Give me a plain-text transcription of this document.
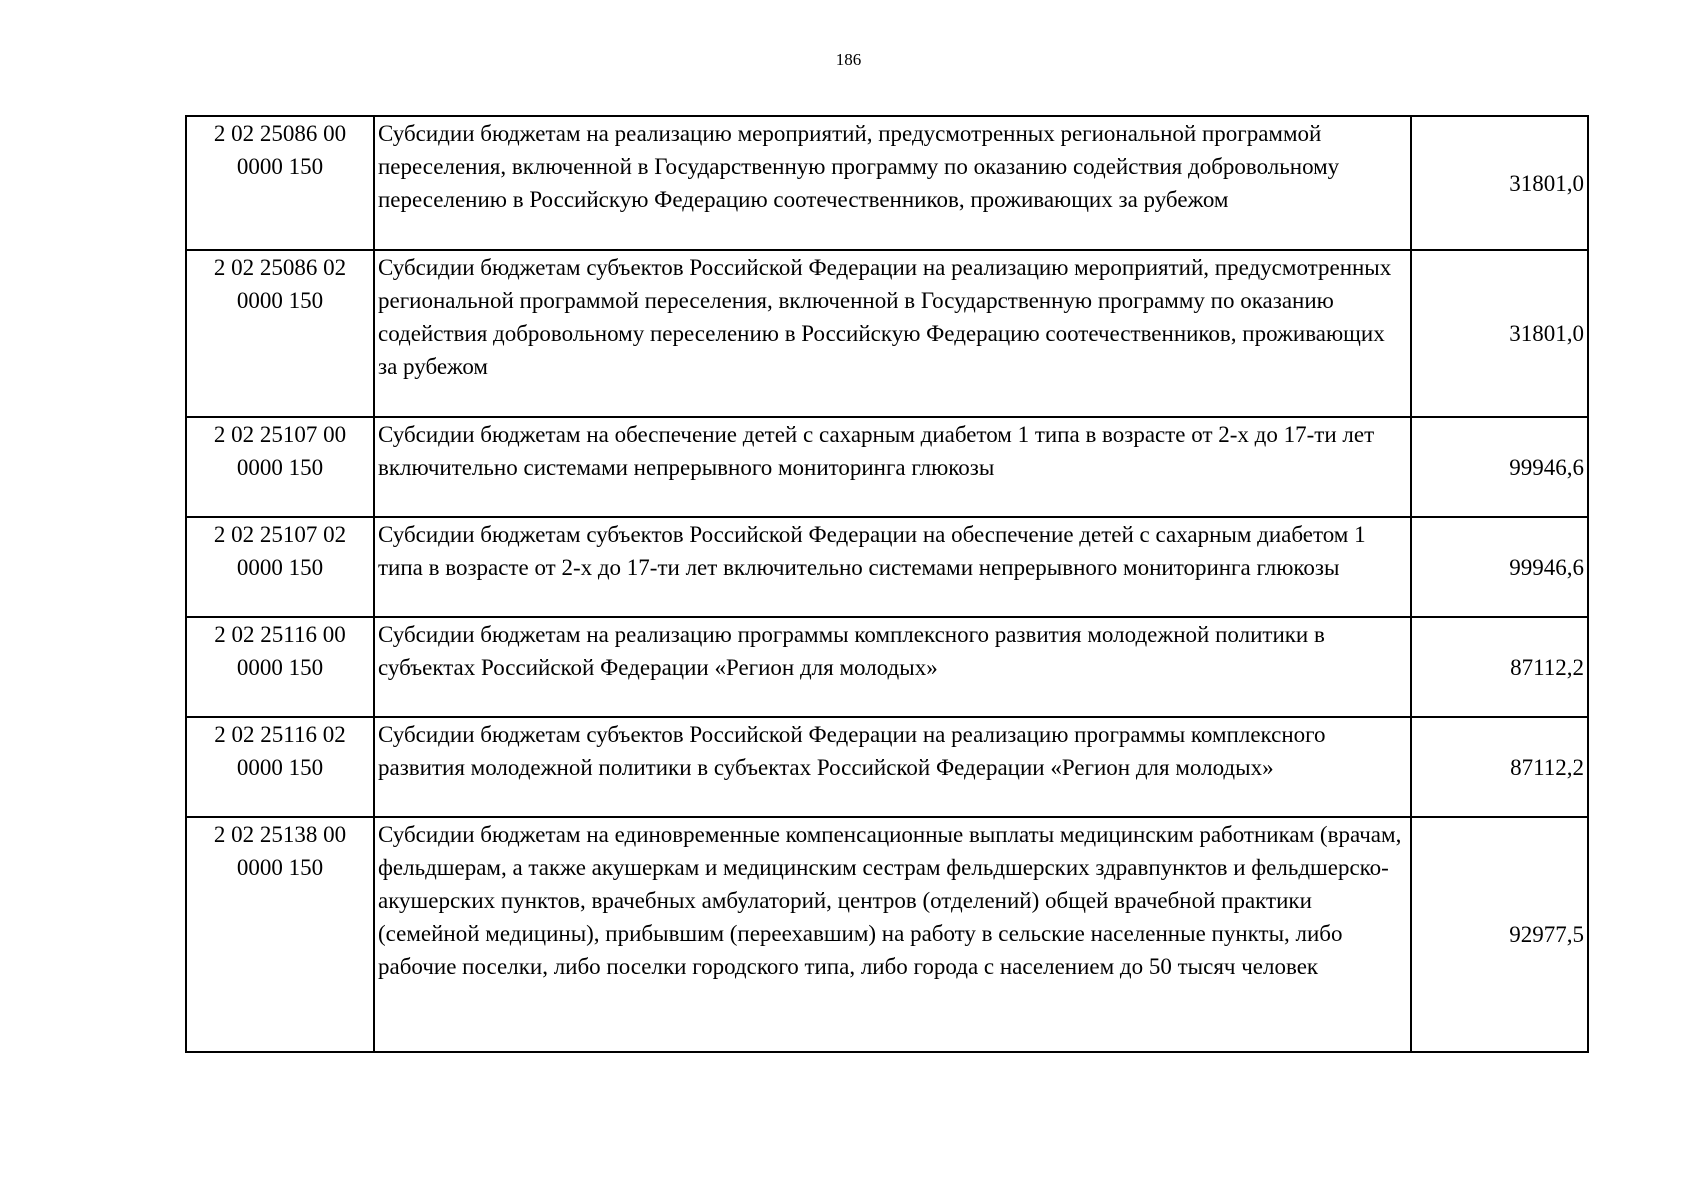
186
2 02 25086 00
0000 150	Субсидии бюджетам на реализацию мероприятий, предусмотренных региональной программой переселения, включенной в Государственную программу по оказанию содействия добровольному переселению в Российскую Федерацию соотечественников, проживающих за рубежом	31801,0

2 02 25086 02
0000 150	Субсидии бюджетам субъектов Российской Федерации на реализацию мероприятий, предусмотренных региональной программой переселения, включенной в Государственную программу по оказанию содействия добровольному переселению в Российскую Федерацию соотечественников, проживающих за рубежом	31801,0

2 02 25107 00
0000 150	Субсидии бюджетам на обеспечение детей с сахарным диабетом 1 типа в возрасте от 2-х до 17-ти лет включительно системами непрерывного мониторинга глюкозы	99946,6

2 02 25107 02
0000 150	Субсидии бюджетам субъектов Российской Федерации на обеспечение детей с сахарным диабетом 1 типа в возрасте от 2-х до 17-ти лет включительно системами непрерывного мониторинга глюкозы	99946,6

2 02 25116 00
0000 150	Субсидии бюджетам на реализацию программы комплексного развития молодежной политики в субъектах Российской Федерации «Регион для молодых»	87112,2

2 02 25116 02
0000 150	Субсидии бюджетам субъектов Российской Федерации на реализацию программы комплексного развития молодежной политики в субъектах Российской Федерации «Регион для молодых»	87112,2

2 02 25138 00
0000 150	Субсидии бюджетам на единовременные компенсационные выплаты медицинским работникам (врачам, фельдшерам, а также акушеркам и медицинским сестрам фельдшерских здравпунктов и фельдшерско-акушерских пунктов, врачебных амбулаторий, центров (отделений) общей врачебной практики (семейной медицины), прибывшим (переехавшим) на работу в сельские населенные пункты, либо рабочие поселки, либо поселки городского типа, либо города с населением до 50 тысяч человек	92977,5
